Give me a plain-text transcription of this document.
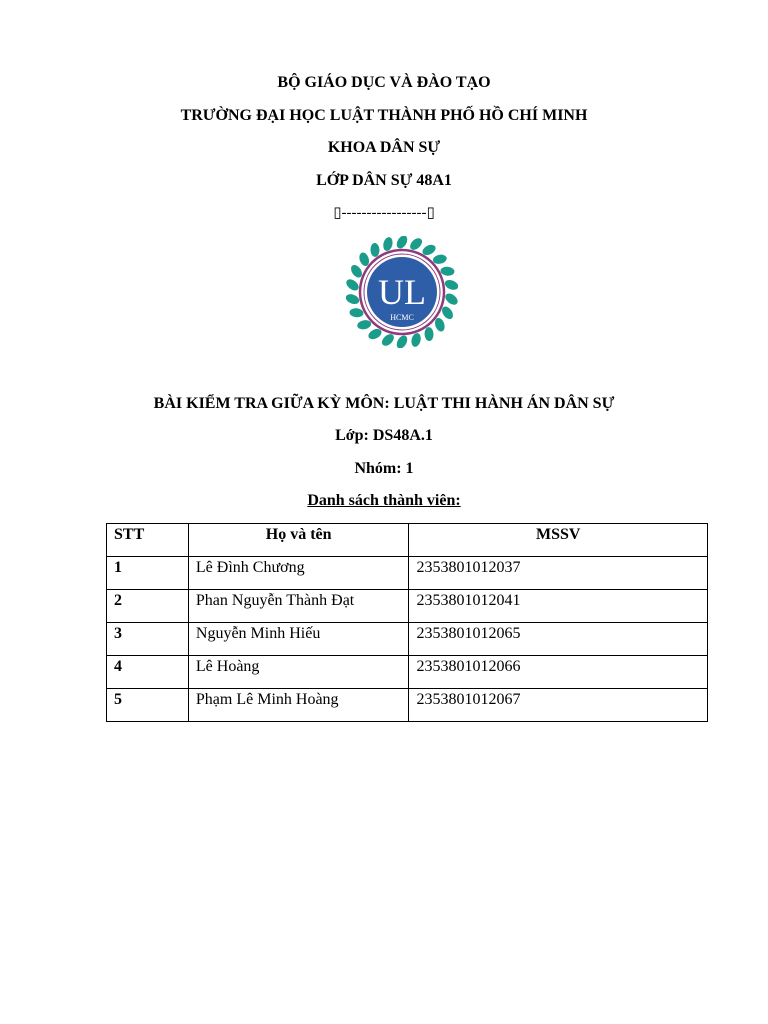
BỘ GIÁO DỤC VÀ ĐÀO TẠO
TRƯỜNG ĐẠI HỌC LUẬT THÀNH PHỐ HỒ CHÍ MINH
KHOA DÂN SỰ
LỚP DÂN SỰ 48A1
▯-----------------▯
UL
HCMC
BÀI KIỂM TRA GIỮA KỲ MÔN: LUẬT THI HÀNH ÁN DÂN SỰ
Lớp: DS48A.1
Nhóm: 1
Danh sách thành viên:
STT	Họ và tên	MSSV
1	Lê Đình Chương	2353801012037
2	Phan Nguyễn Thành Đạt	2353801012041
3	Nguyễn Minh Hiếu	2353801012065
4	Lê Hoàng	2353801012066
5	Phạm Lê Minh Hoàng	2353801012067
